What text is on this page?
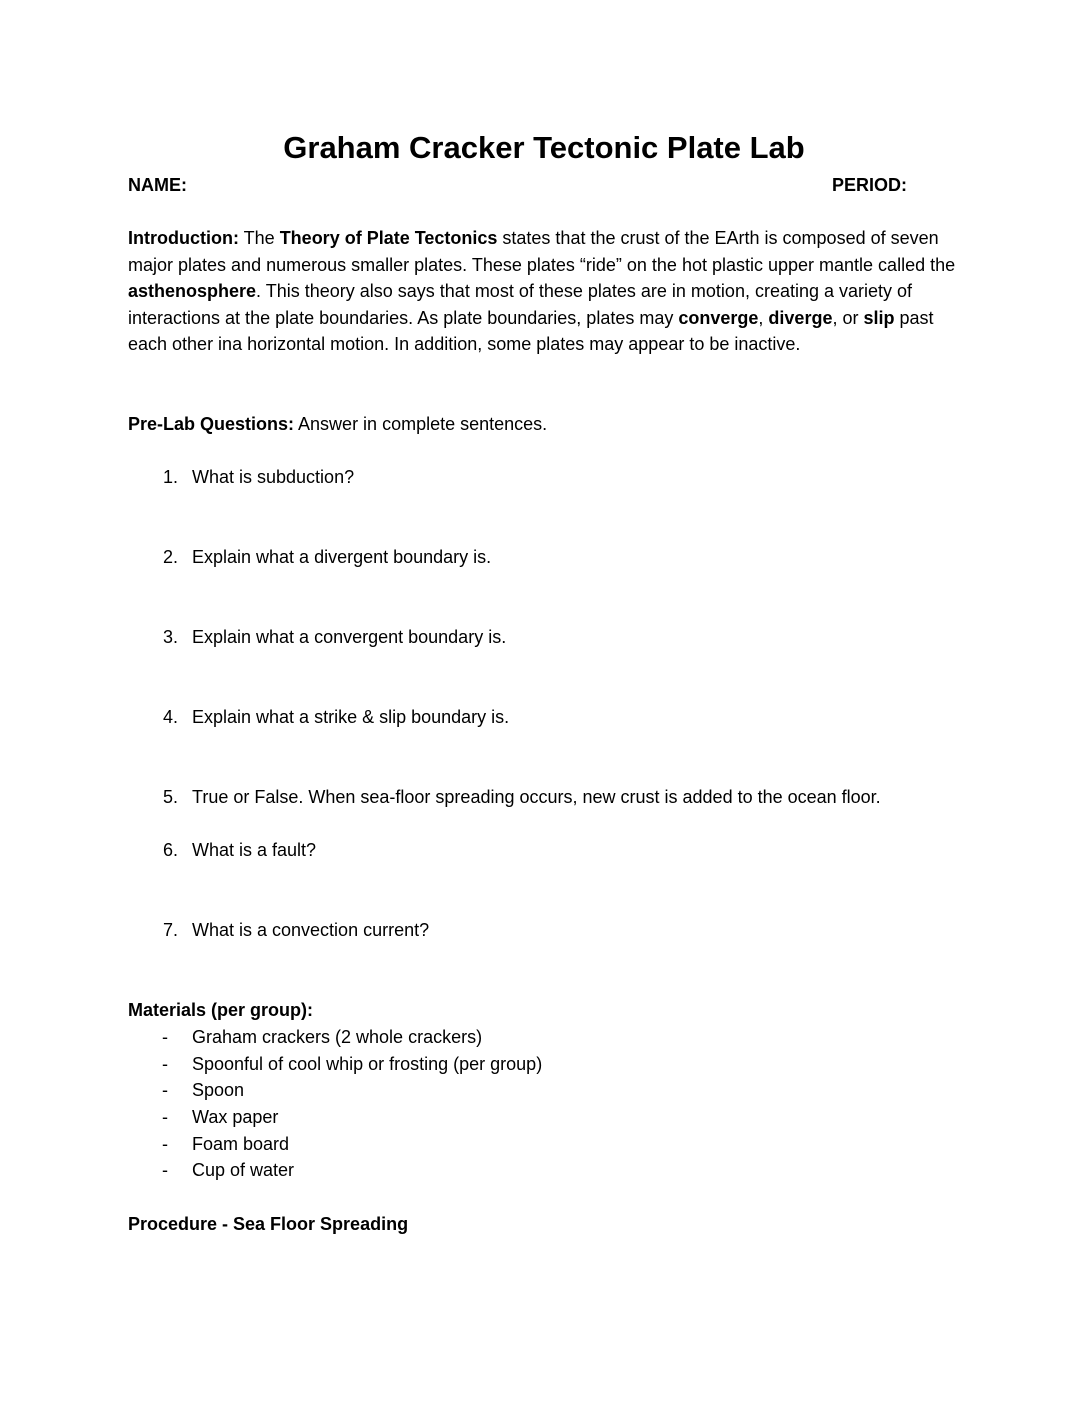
Graham Cracker Tectonic Plate Lab
NAME:	PERIOD:
Introduction: The Theory of Plate Tectonics states that the crust of the EArth is composed of seven major plates and numerous smaller plates. These plates “ride” on the hot plastic upper mantle called the asthenosphere. This theory also says that most of these plates are in motion, creating a variety of interactions at the plate boundaries. As plate boundaries, plates may converge, diverge, or slip past each other ina horizontal motion. In addition, some plates may appear to be inactive.
Pre-Lab Questions: Answer in complete sentences.
1. What is subduction?
2. Explain what a divergent boundary is.
3. Explain what a convergent boundary is.
4. Explain what a strike & slip boundary is.
5. True or False. When sea-floor spreading occurs, new crust is added to the ocean floor.
6. What is a fault?
7. What is a convection current?
Materials (per group):
- Graham crackers (2 whole crackers)
- Spoonful of cool whip or frosting (per group)
- Spoon
- Wax paper
- Foam board
- Cup of water
Procedure - Sea Floor Spreading
